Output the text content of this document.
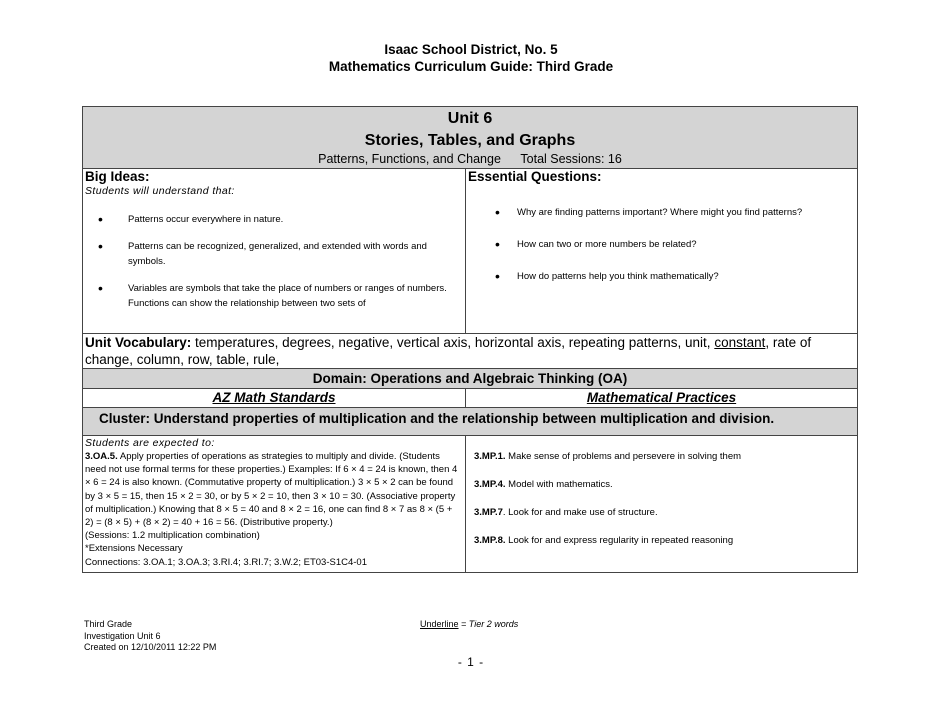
Isaac School District, No. 5
Mathematics Curriculum Guide: Third Grade
Unit 6
Stories, Tables, and Graphs
Patterns, Functions, and Change Total Sessions: 16
Big Ideas:
Students will understand that:
• Patterns occur everywhere in nature.
• Patterns can be recognized, generalized, and extended with words and symbols.
• Variables are symbols that take the place of numbers or ranges of numbers. Functions can show the relationship between two sets of
Essential Questions:
• Why are finding patterns important? Where might you find patterns?
• How can two or more numbers be related?
• How do patterns help you think mathematically?
Unit Vocabulary: temperatures, degrees, negative, vertical axis, horizontal axis, repeating patterns, unit, constant, rate of change, column, row, table, rule,
Domain: Operations and Algebraic Thinking (OA)
AZ Math Standards	Mathematical Practices
Cluster: Understand properties of multiplication and the relationship between multiplication and division.
Students are expected to:
3.OA.5. Apply properties of operations as strategies to multiply and divide. (Students need not use formal terms for these properties.) Examples: If 6 × 4 = 24 is known, then 4 × 6 = 24 is also known. (Commutative property of multiplication.) 3 × 5 × 2 can be found by 3 × 5 = 15, then 15 × 2 = 30, or by 5 × 2 = 10, then 3 × 10 = 30. (Associative property of multiplication.) Knowing that 8 × 5 = 40 and 8 × 2 = 16, one can find 8 × 7 as 8 × (5 + 2) = (8 × 5) + (8 × 2) = 40 + 16 = 56. (Distributive property.)
(Sessions: 1.2 multiplication combination)
*Extensions Necessary
Connections: 3.OA.1; 3.OA.3; 3.RI.4; 3.RI.7; 3.W.2; ET03-S1C4-01
3.MP.1. Make sense of problems and persevere in solving them
3.MP.4. Model with mathematics.
3.MP.7. Look for and make use of structure.
3.MP.8. Look for and express regularity in repeated reasoning
Third Grade
Investigation Unit 6
Created on 12/10/2011 12:22 PM
Underline = Tier 2 words
- 1 -
